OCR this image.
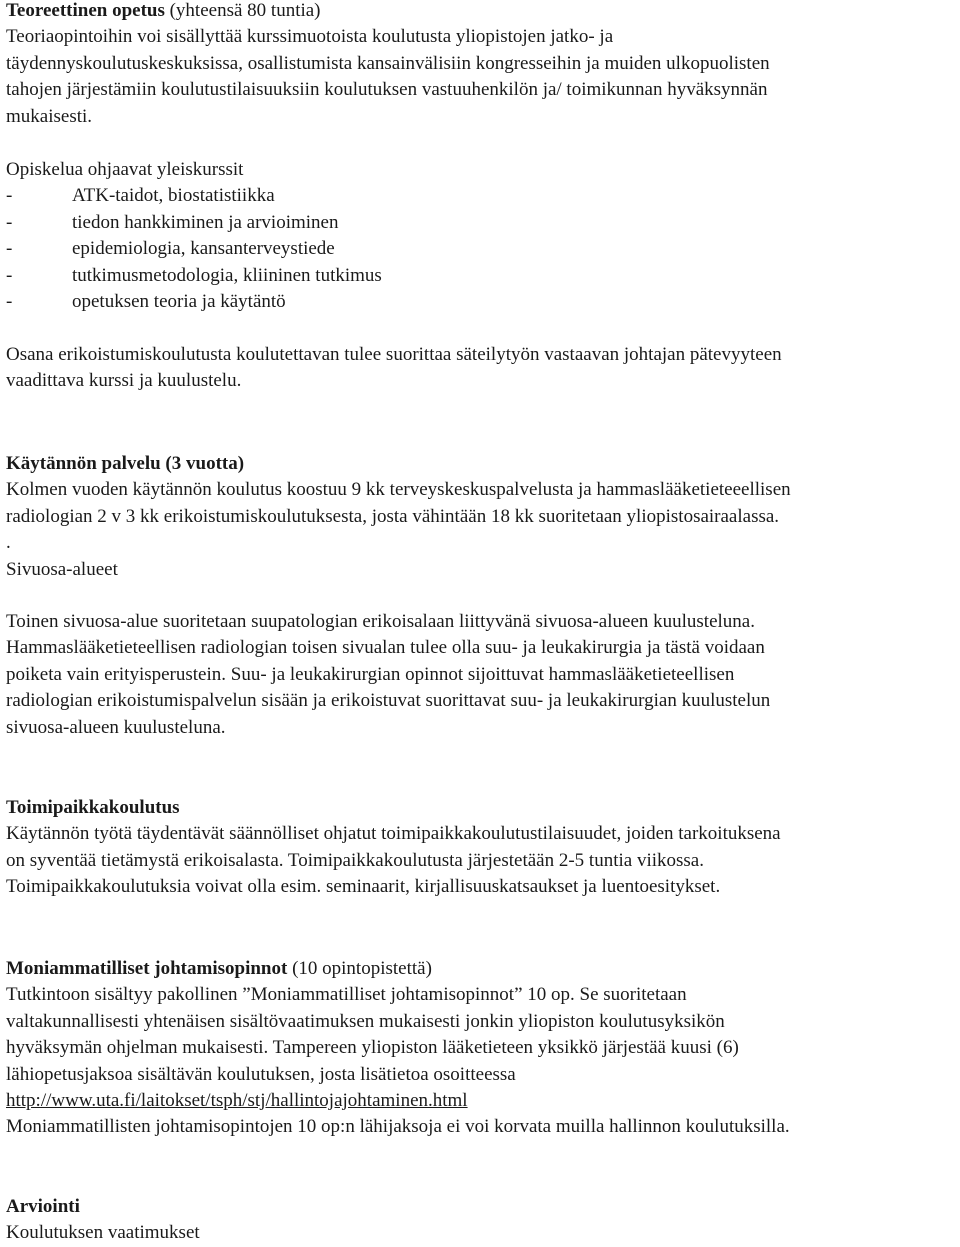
Teoreettinen opetus (yhteensä 80 tuntia)
Teoriaopintoihin voi sisällyttää kurssimuotoista koulutusta yliopistojen jatko- ja
täydennyskoulutuskeskuksissa, osallistumista kansainvälisiin kongresseihin ja muiden ulkopuolisten
tahojen järjestämiin koulutustilaisuuksiin koulutuksen vastuuhenkilön ja/ toimikunnan hyväksynnän
mukaisesti.
Opiskelua ohjaavat yleiskurssit
-	ATK-taidot, biostatistiikka
-	tiedon hankkiminen ja arvioiminen
-	epidemiologia, kansanterveystiede
-	tutkimusmetodologia, kliininen tutkimus
-	opetuksen teoria ja käytäntö
Osana erikoistumiskoulutusta koulutettavan tulee suorittaa säteilytyön vastaavan johtajan pätevyyteen
vaadittava kurssi ja kuulustelu.
Käytännön palvelu (3 vuotta)
Kolmen vuoden käytännön koulutus koostuu 9 kk terveyskeskuspalvelusta ja hammaslääketieteeellisen
radiologian 2 v 3 kk erikoistumiskoulutuksesta, josta vähintään 18 kk suoritetaan yliopistosairaalassa.
.
Sivuosa-alueet
Toinen sivuosa-alue suoritetaan suupatologian erikoisalaan liittyvänä sivuosa-alueen kuulusteluna.
Hammaslääketieteellisen radiologian toisen sivualan tulee olla suu- ja leukakirurgia ja tästä voidaan
poiketa vain erityisperustein. Suu- ja leukakirurgian opinnot sijoittuvat hammaslääketieteellisen
radiologian erikoistumispalvelun sisään ja erikoistuvat suorittavat suu- ja leukakirurgian kuulustelun
sivuosa-alueen kuulusteluna.
Toimipaikkakoulutus
Käytännön työtä täydentävät säännölliset ohjatut toimipaikkakoulutustilaisuudet, joiden tarkoituksena
on syventää tietämystä erikoisalasta. Toimipaikkakoulutusta järjestetään 2-5 tuntia viikossa.
Toimipaikkakoulutuksia voivat olla esim. seminaarit, kirjallisuuskatsaukset ja luentoesitykset.
Moniammatilliset johtamisopinnot (10 opintopistettä)
Tutkintoon sisältyy pakollinen ”Moniammatilliset johtamisopinnot” 10 op. Se suoritetaan
valtakunnallisesti yhtenäisen sisältövaatimuksen mukaisesti jonkin yliopiston koulutusyksikön
hyväksymän ohjelman mukaisesti. Tampereen yliopiston lääketieteen yksikkö järjestää kuusi (6)
lähiopetusjaksoa sisältävän koulutuksen, josta lisätietoa osoitteessa
http://www.uta.fi/laitokset/tsph/stj/hallintojajohtaminen.html
Moniammatillisten johtamisopintojen 10 op:n lähijaksoja ei voi korvata muilla hallinnon koulutuksilla.
Arviointi
Koulutuksen vaatimukset
